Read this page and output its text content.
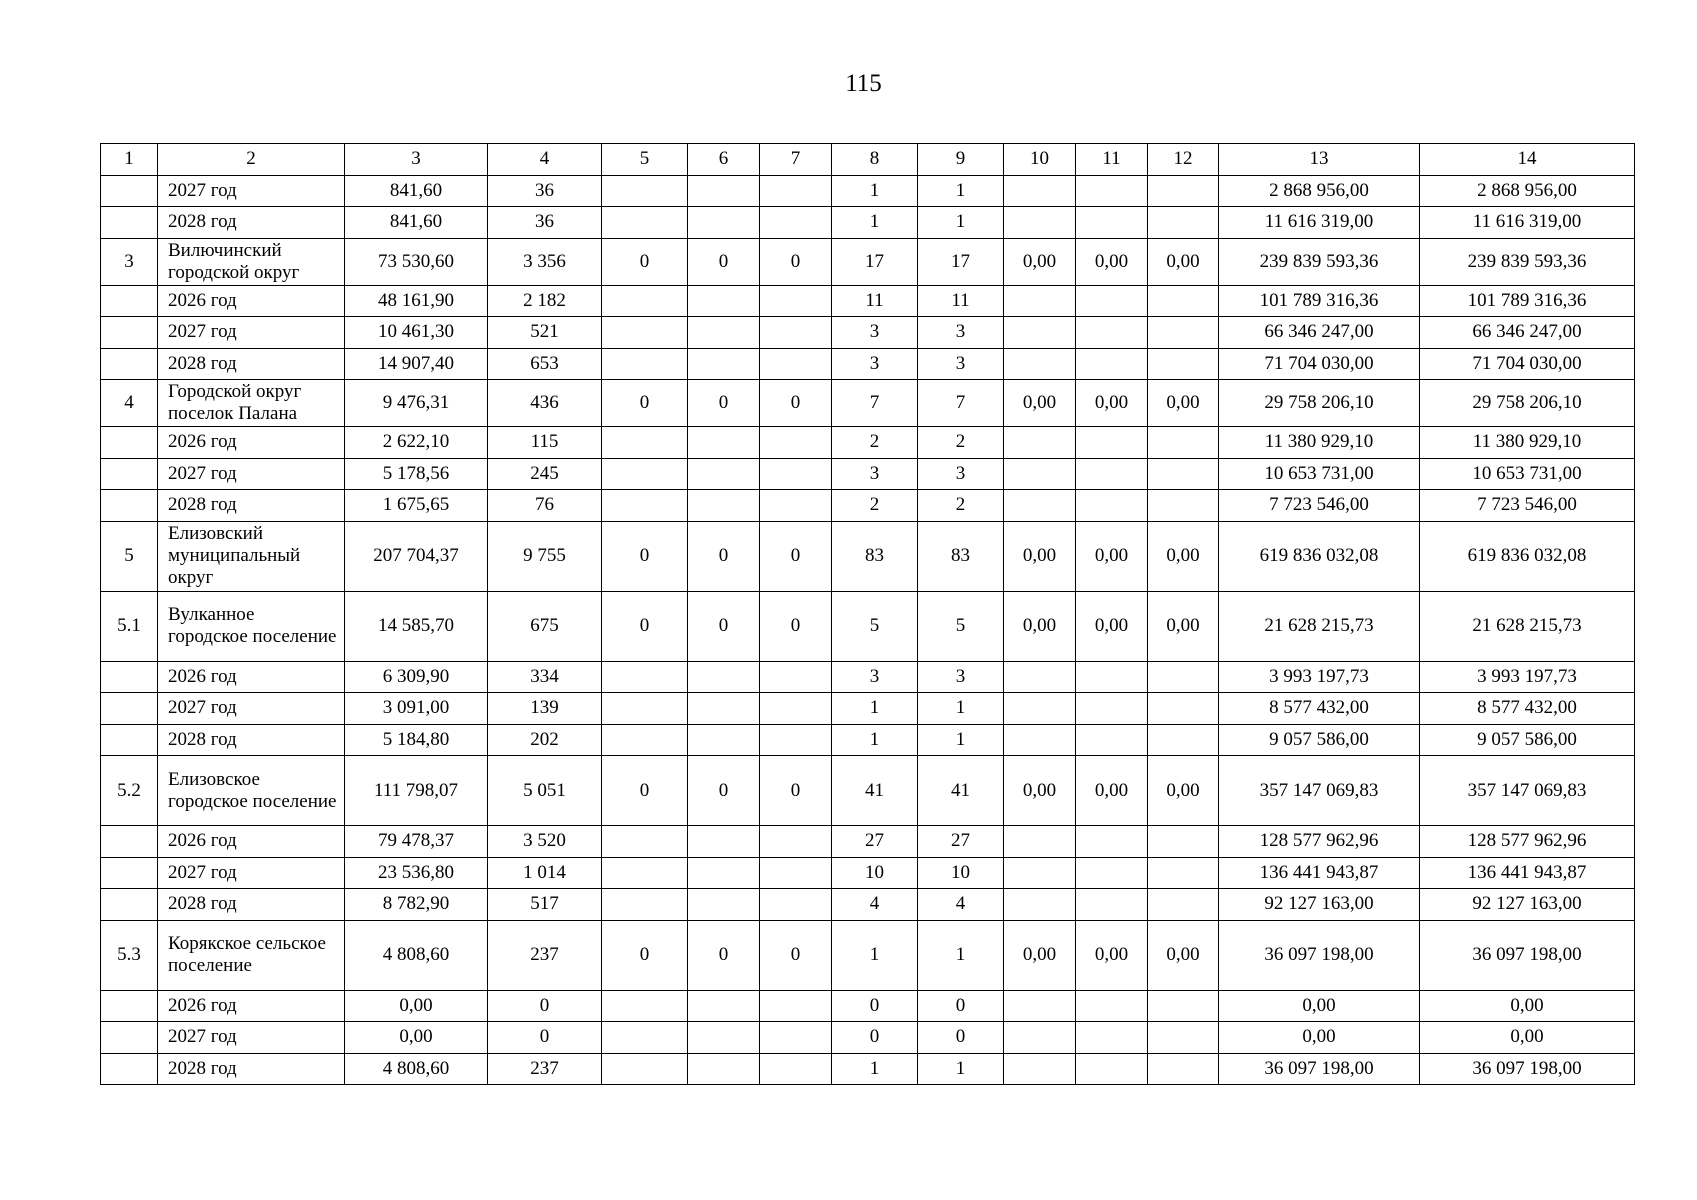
115
1	2	3	4	5	6	7	8	9	10	11	12	13	14
	2027 год	841,60	36				1	1				2 868 956,00	2 868 956,00
	2028 год	841,60	36				1	1				11 616 319,00	11 616 319,00
3	Вилючинский городской округ	73 530,60	3 356	0	0	0	17	17	0,00	0,00	0,00	239 839 593,36	239 839 593,36
	2026 год	48 161,90	2 182				11	11				101 789 316,36	101 789 316,36
	2027 год	10 461,30	521				3	3				66 346 247,00	66 346 247,00
	2028 год	14 907,40	653				3	3				71 704 030,00	71 704 030,00
4	Городской округ поселок Палана	9 476,31	436	0	0	0	7	7	0,00	0,00	0,00	29 758 206,10	29 758 206,10
	2026 год	2 622,10	115				2	2				11 380 929,10	11 380 929,10
	2027 год	5 178,56	245				3	3				10 653 731,00	10 653 731,00
	2028 год	1 675,65	76				2	2				7 723 546,00	7 723 546,00
5	Елизовский муниципальный округ	207 704,37	9 755	0	0	0	83	83	0,00	0,00	0,00	619 836 032,08	619 836 032,08
5.1	Вулканное городское поселение	14 585,70	675	0	0	0	5	5	0,00	0,00	0,00	21 628 215,73	21 628 215,73
	2026 год	6 309,90	334				3	3				3 993 197,73	3 993 197,73
	2027 год	3 091,00	139				1	1				8 577 432,00	8 577 432,00
	2028 год	5 184,80	202				1	1				9 057 586,00	9 057 586,00
5.2	Елизовское городское поселение	111 798,07	5 051	0	0	0	41	41	0,00	0,00	0,00	357 147 069,83	357 147 069,83
	2026 год	79 478,37	3 520				27	27				128 577 962,96	128 577 962,96
	2027 год	23 536,80	1 014				10	10				136 441 943,87	136 441 943,87
	2028 год	8 782,90	517				4	4				92 127 163,00	92 127 163,00
5.3	Корякское сельское поселение	4 808,60	237	0	0	0	1	1	0,00	0,00	0,00	36 097 198,00	36 097 198,00
	2026 год	0,00	0				0	0				0,00	0,00
	2027 год	0,00	0				0	0				0,00	0,00
	2028 год	4 808,60	237				1	1				36 097 198,00	36 097 198,00
